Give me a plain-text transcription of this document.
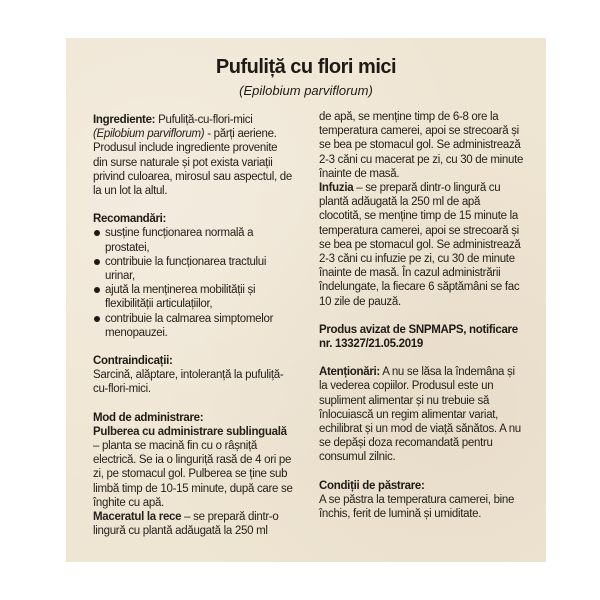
Pufuliță cu flori mici
(Epilobium parviflorum)
Ingrediente: Pufuliță-cu-flori-mici (Epilobium parviflorum) - părți aeriene. Produsul include ingrediente provenite din surse naturale și pot exista variații privind culoarea, mirosul sau aspectul, de la un lot la altul.
Recomandări:
susține funcționarea normală a prostatei,
contribuie la funcționarea tractului urinar,
ajută la menținerea mobilității și flexibilității articulațiilor,
contribuie la calmarea simptomelor menopauzei.
Contraindicații:
Sarcină, alăptare, intoleranță la pufuliță-cu-flori-mici.
Mod de administrare:
Pulberea cu administrare sublinguală – planta se macină fin cu o râșniță electrică. Se ia o linguriță rasă de 4 ori pe zi, pe stomacul gol. Pulberea se ține sub limbă timp de 10-15 minute, după care se înghite cu apă.
Maceratul la rece – se prepară dintr-o lingură cu plantă adăugată la 250 ml
de apă, se menține timp de 6-8 ore la temperatura camerei, apoi se strecoară și se bea pe stomacul gol. Se administrează 2-3 căni cu macerat pe zi, cu 30 de minute înainte de masă.
Infuzia – se prepară dintr-o lingură cu plantă adăugată la 250 ml de apă clocotită, se menține timp de 15 minute la temperatura camerei, apoi se strecoară și se bea pe stomacul gol. Se administrează 2-3 căni cu infuzie pe zi, cu 30 de minute înainte de masă. În cazul administrării îndelungate, la fiecare 6 săptămâni se fac 10 zile de pauză.
Produs avizat de SNPMAPS, notificare nr. 13327/21.05.2019
Atenționări: A nu se lăsa la îndemâna și la vederea copiilor. Produsul este un supliment alimentar și nu trebuie să înlocuiască un regim alimentar variat, echilibrat și un mod de viață sănătos. A nu se depăși doza recomandată pentru consumul zilnic.
Condiții de păstrare:
A se păstra la temperatura camerei, bine închis, ferit de lumină și umiditate.
